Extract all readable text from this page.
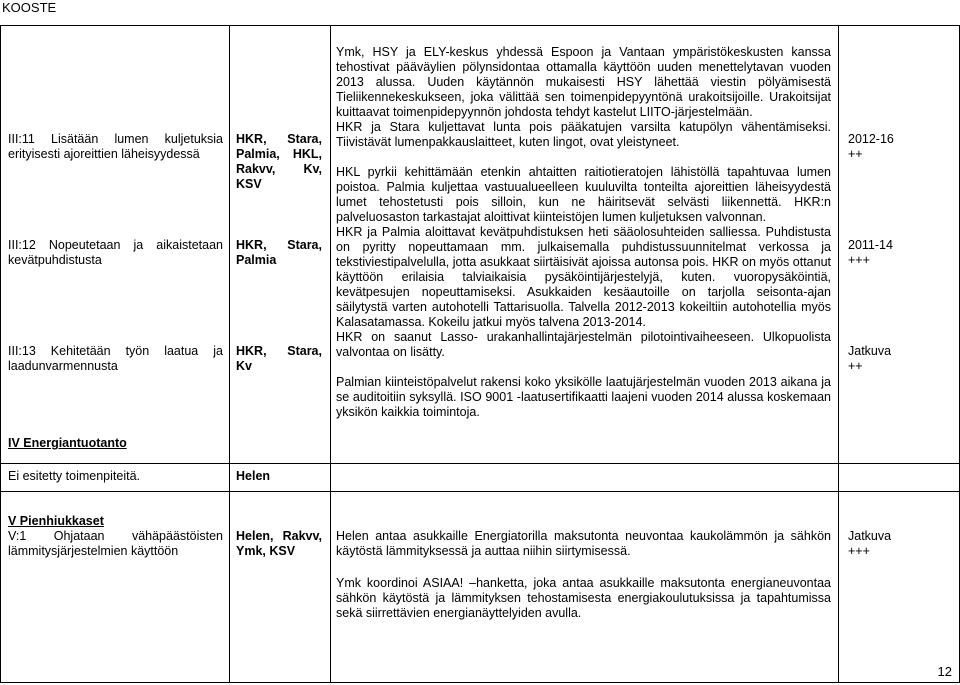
KOOSTE
III:11 Lisätään lumen kuljetuksia erityisesti ajoreittien läheisyydessä
III:12 Nopeutetaan ja aikaistetaan kevätpuhdistusta
III:13 Kehitetään työn laatua ja laadunvarmennusta
HKR, Stara, Palmia, HKL, Rakvv, Kv, KSV
HKR, Stara, Palmia
HKR, Stara, Kv

Ymk, HSY ja ELY-keskus yhdessä Espoon ja Vantaan ympäristökeskusten kanssa tehostivat pääväylien pölynsidontaa ottamalla käyttöön uuden menettelytavan vuoden 2013 alussa. Uuden käytännön mukaisesti HSY lähettää viestin pölyämisestä Tieliikennekeskukseen, joka välittää sen toimenpidepyyntönä urakoitsijoille. Urakoitsijat kuittaavat toimenpidepyynnön johdosta tehdyt kastelut LIITO-järjestelmään.

HKR ja Stara kuljettavat lunta pois pääkatujen varsilta katupölyn vähentämiseksi. Tiivistävät lumenpakkauslaitteet, kuten lingot, ovat yleistyneet.

HKL pyrkii kehittämään etenkin ahtaitten raitiotieratojen lähistöllä tapahtuvaa lumen poistoa. Palmia kuljettaa vastuualueelleen kuuluvilta tonteilta ajoreittien läheisyydestä lumet tehostetusti pois silloin, kun ne häiritsevät selvästi liikennettä. HKR:n palveluosaston tarkastajat aloittivat kiinteistöjen lumen kuljetuksen valvonnan.

HKR ja Palmia aloittavat kevätpuhdistuksen heti sääolosuhteiden salliessa. Puhdistusta on pyritty nopeuttamaan mm. julkaisemalla puhdistussuunnitelmat verkossa ja tekstiviestipalvelulla, jotta asukkaat siirtäisivät ajoissa autonsa pois. HKR on myös ottanut käyttöön erilaisia talviaikaisia pysäköintijärjestelyjä, kuten. vuoropysäköintiä, kevätpesujen nopeuttamiseksi. Asukkaiden kesäautoille on tarjolla seisonta-ajan säilytystä varten autohotelli Tattarisuolla. Talvella 2012-2013 kokeiltiin autohotellia myös Kalasatamassa. Kokeilu jatkui myös talvena 2013-2014.

HKR on saanut Lasso- urakanhallintajärjestelmän pilotointivaiheeseen. Ulkopuolista valvontaa on lisätty.

Palmian kiinteistöpalvelut rakensi koko yksikölle laatujärjestelmän vuoden 2013 aikana ja se auditoitiin syksyllä. ISO 9001 -laatusertifikaatti laajeni vuoden 2014 alussa koskemaan yksikön kaikkia toimintoja.

2012-16
++
2011-14
+++
Jatkuva
++
IV Energiantuotanto
Ei esitetty toimenpiteitä.	Helen
V Pienhiukkaset
V:1 Ohjataan vähäpäästöisten lämmitysjärjestelmien käyttöön
Helen, Rakvv, Ymk, KSV

Helen antaa asukkaille Energiatorilla maksutonta neuvontaa kaukolämmön ja sähkön käytöstä lämmityksessä ja auttaa niihin siirtymisessä.

Ymk koordinoi ASIAA! –hanketta, joka antaa asukkaille maksutonta energianeuvontaa sähkön käytöstä ja lämmityksen tehostamisesta energiakoulutuksissa ja tapahtumissa sekä siirrettävien energianäyttelyiden avulla.

Jatkuva
+++
12
